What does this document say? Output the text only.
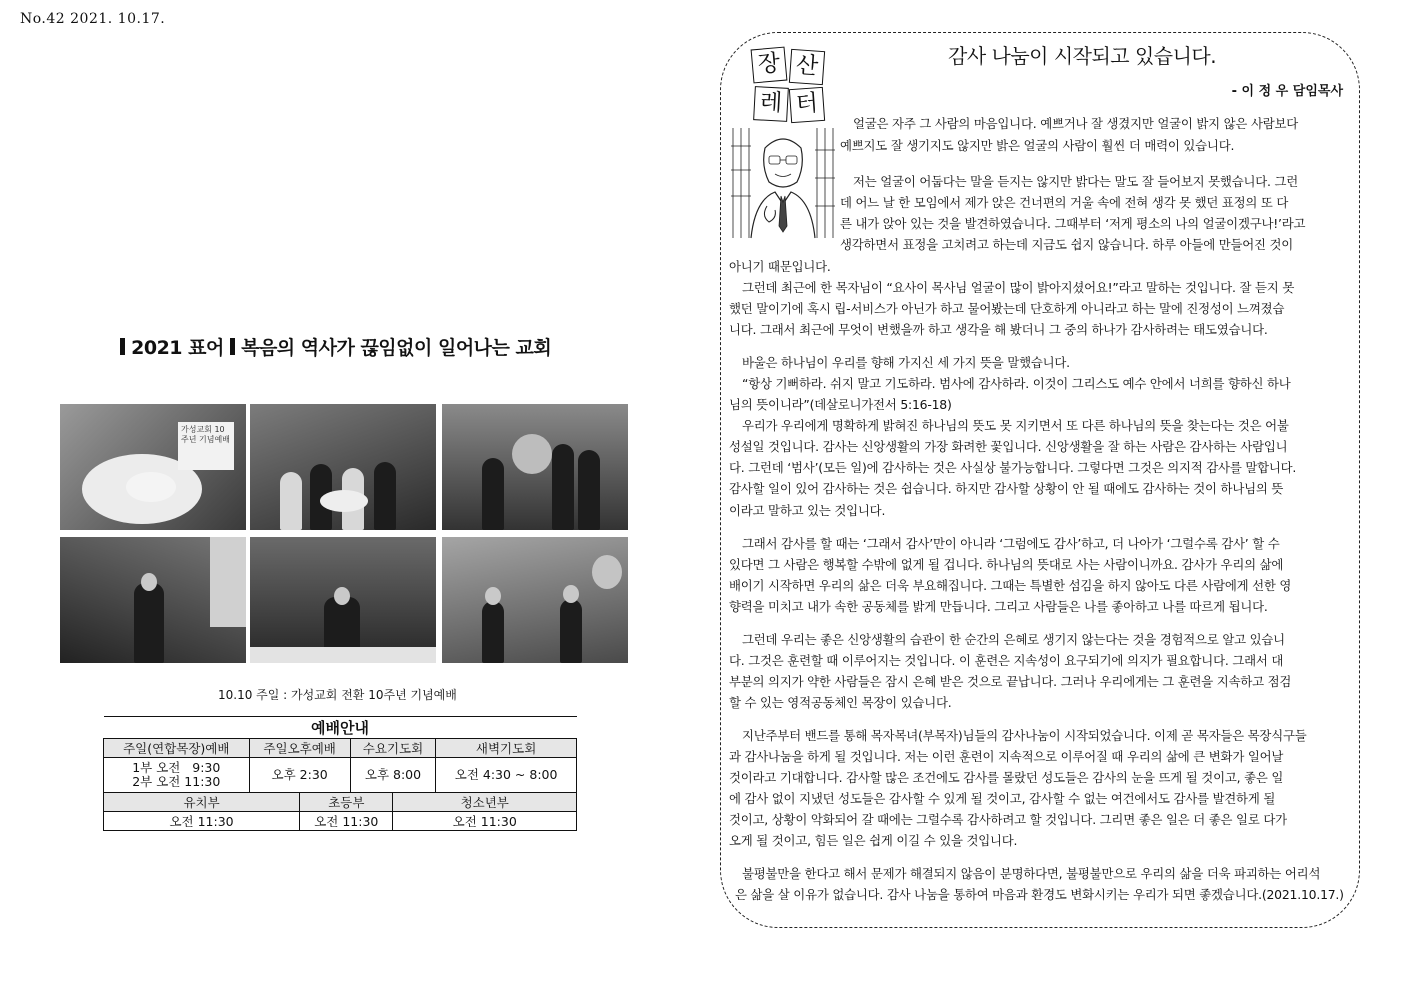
No.42 2021. 10.17.
2021 표어 복음의 역사가 끊임없이 일어나는 교회
가성교회 10주년 기념예배
10.10 주일 : 가성교회 전환 10주년 기념예배
예배안내					
주일(연합목장)예배	주일오후예배		수요기도회		새벽기도회

1부 오전   9:30
2부 오전 11:30	오후 2:30		오후 8:00		오전 4:30 ~ 8:00
유치부		초등부		청소년부	
오전 11:30		오전 11:30		오전 11:30	
장 산
레 터
감사 나눔이 시작되고 있습니다.
- 이 정 우 담임목사
얼굴은 자주 그 사람의 마음입니다. 예쁘거나 잘 생겼지만 얼굴이 밝지 않은 사람보다
예쁘지도 잘 생기지도 않지만 밝은 얼굴의 사람이 훨씬 더 매력이 있습니다.
저는 얼굴이 어둡다는 말을 듣지는 않지만 밝다는 말도 잘 들어보지 못했습니다. 그런
데 어느 날 한 모임에서 제가 앉은 건너편의 거울 속에 전혀 생각 못 했던 표정의 또 다
른 내가 앉아 있는 것을 발견하였습니다. 그때부터 ‘저게 평소의 나의 얼굴이겠구나!’라고
생각하면서 표정을 고치려고 하는데 지금도 쉽지 않습니다. 하루 아들에 만들어진 것이
아니기 때문입니다.
그런데 최근에 한 목자님이 “요사이 목사님 얼굴이 많이 밝아지셨어요!”라고 말하는 것입니다. 잘 듣지 못
했던 말이기에 혹시 립-서비스가 아닌가 하고 물어봤는데 단호하게 아니라고 하는 말에 진정성이 느껴졌습
니다. 그래서 최근에 무엇이 변했을까 하고 생각을 해 봤더니 그 중의 하나가 감사하려는 태도였습니다.
바울은 하나님이 우리를 향해 가지신 세 가지 뜻을 말했습니다.
“항상 기뻐하라. 쉬지 말고 기도하라. 범사에 감사하라. 이것이 그리스도 예수 안에서 너희를 향하신 하나
님의 뜻이니라”(데살로니가전서 5:16-18)
우리가 우리에게 명확하게 밝혀진 하나님의 뜻도 못 지키면서 또 다른 하나님의 뜻을 찾는다는 것은 어불
성설일 것입니다. 감사는 신앙생활의 가장 화려한 꽃입니다. 신앙생활을 잘 하는 사람은 감사하는 사람입니
다. 그런데 ‘범사’(모든 일)에 감사하는 것은 사실상 불가능합니다. 그렇다면 그것은 의지적 감사를 말합니다.
감사할 일이 있어 감사하는 것은 쉽습니다. 하지만 감사할 상황이 안 될 때에도 감사하는 것이 하나님의 뜻
이라고 말하고 있는 것입니다.
그래서 감사를 할 때는 ‘그래서 감사’만이 아니라 ‘그럼에도 감사’하고, 더 나아가 ‘그럴수록 감사’ 할 수
있다면 그 사람은 행복할 수밖에 없게 될 겁니다. 하나님의 뜻대로 사는 사람이니까요. 감사가 우리의 삶에
배이기 시작하면 우리의 삶은 더욱 부요해집니다. 그때는 특별한 섬김을 하지 않아도 다른 사람에게 선한 영
향력을 미치고 내가 속한 공동체를 밝게 만듭니다. 그리고 사람들은 나를 좋아하고 나를 따르게 됩니다.
그런데 우리는 좋은 신앙생활의 습관이 한 순간의 은혜로 생기지 않는다는 것을 경험적으로 알고 있습니
다. 그것은 훈련할 때 이루어지는 것입니다. 이 훈련은 지속성이 요구되기에 의지가 필요합니다. 그래서 대
부분의 의지가 약한 사람들은 잠시 은혜 받은 것으로 끝납니다. 그러나 우리에게는 그 훈련을 지속하고 점검
할 수 있는 영적공동체인 목장이 있습니다.
지난주부터 밴드를 통해 목자목녀(부목자)님들의 감사나눔이 시작되었습니다. 이제 곧 목자들은 목장식구들
과 감사나눔을 하게 될 것입니다. 저는 이런 훈련이 지속적으로 이루어질 때 우리의 삶에 큰 변화가 일어날
것이라고 기대합니다. 감사할 많은 조건에도 감사를 몰랐던 성도들은 감사의 눈을 뜨게 될 것이고, 좋은 일
에 감사 없이 지냈던 성도들은 감사할 수 있게 될 것이고, 감사할 수 없는 여건에서도 감사를 발견하게 될
것이고, 상황이 악화되어 갈 때에는 그럴수록 감사하려고 할 것입니다. 그리면 좋은 일은 더 좋은 일로 다가
오게 될 것이고, 힘든 일은 쉽게 이길 수 있을 것입니다.
불평불만을 한다고 해서 문제가 해결되지 않음이 분명하다면, 불평불만으로 우리의 삶을 더욱 파괴하는 어리석
은 삶을 살 이유가 없습니다. 감사 나눔을 통하여 마음과 환경도 변화시키는 우리가 되면 좋겠습니다.(2021.10.17.)
